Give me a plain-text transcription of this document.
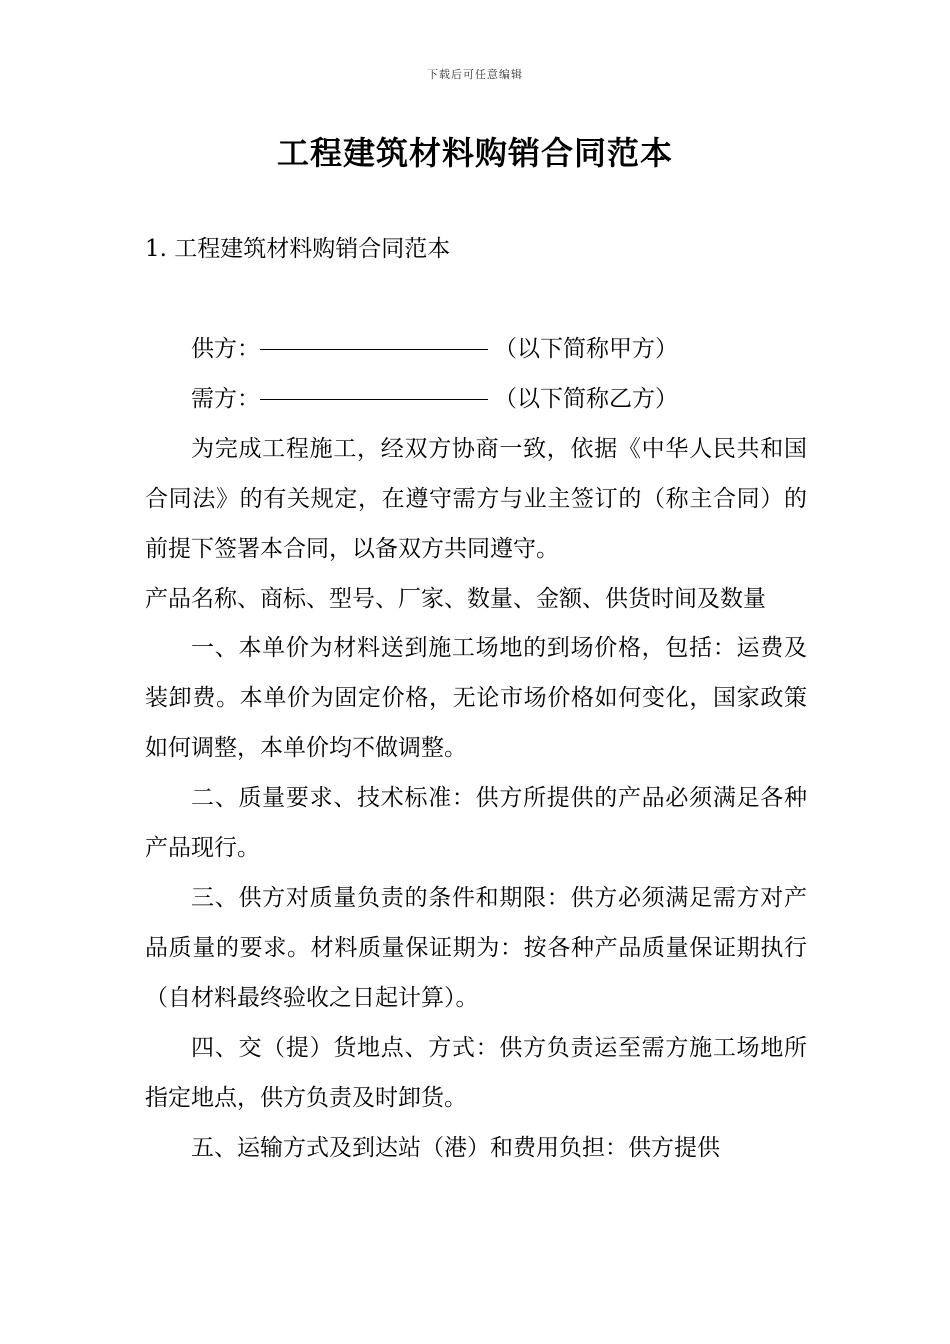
下载后可任意编辑
工程建筑材料购销合同范本
1. 工程建筑材料购销合同范本
供方：	（以下简称甲方）
需方：	（以下简称乙方）

为完成工程施工，经双方协商一致，依据《中华人民共和国合同法》的有关规定，在遵守需方与业主签订的（称主合同）的前提下签署本合同，以备双方共同遵守。

产品名称、商标、型号、厂家、数量、金额、供货时间及数量

一、本单价为材料送到施工场地的到场价格，包括：运费及装卸费。本单价为固定价格，无论市场价格如何变化，国家政策如何调整，本单价均不做调整。

二、质量要求、技术标准：供方所提供的产品必须满足各种产品现行。

三、供方对质量负责的条件和期限：供方必须满足需方对产品质量的要求。材料质量保证期为：按各种产品质量保证期执行（自材料最终验收之日起计算）。

四、交（提）货地点、方式：供方负责运至需方施工场地所指定地点，供方负责及时卸货。

五、运输方式及到达站（港）和费用负担：供方提供
